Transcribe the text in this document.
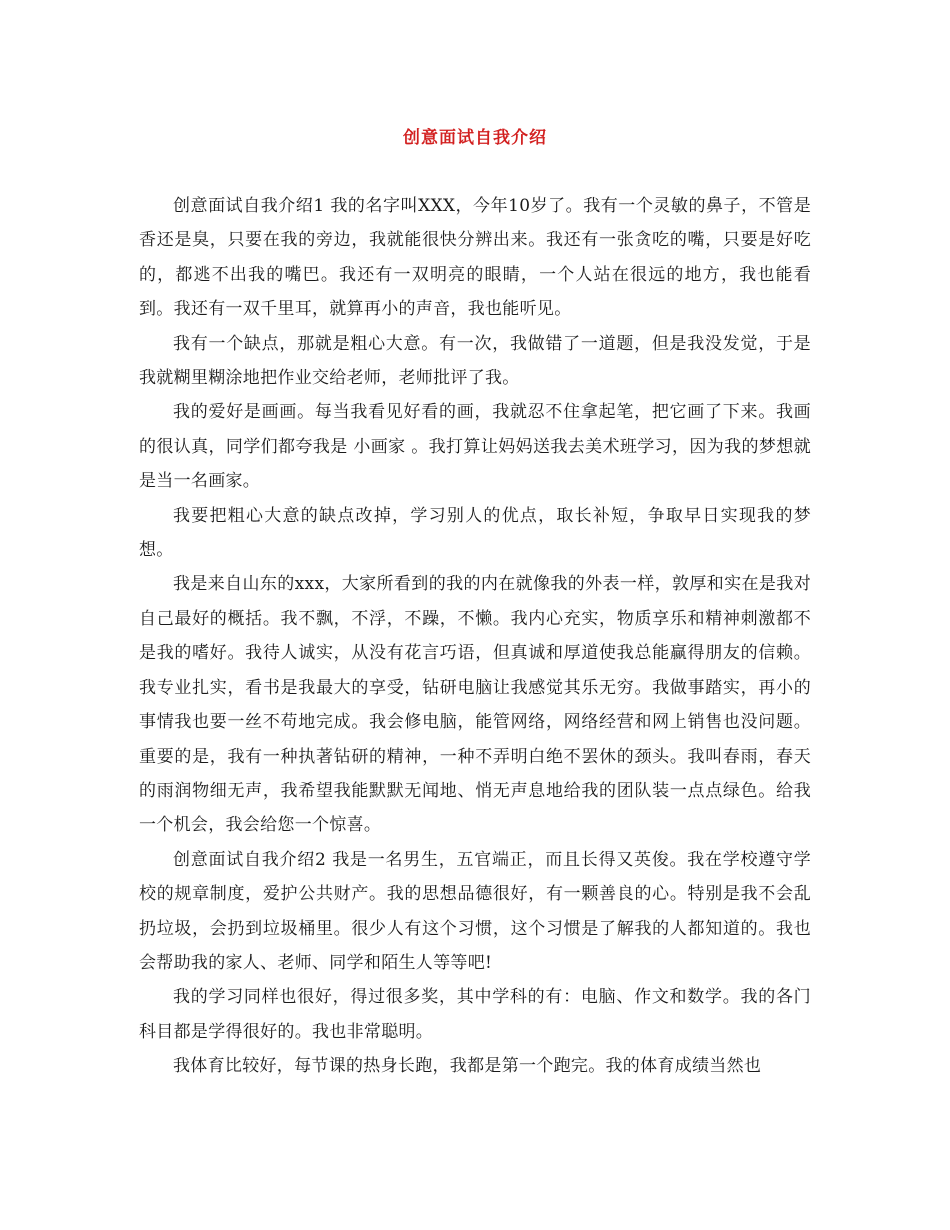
创意面试自我介绍

创意面试自我介绍1 我的名字叫XXX，今年10岁了。我有一个灵敏的鼻子，不管是香还是臭，只要在我的旁边，我就能很快分辨出来。我还有一张贪吃的嘴，只要是好吃的，都逃不出我的嘴巴。我还有一双明亮的眼睛，一个人站在很远的地方，我也能看到。我还有一双千里耳，就算再小的声音，我也能听见。

我有一个缺点，那就是粗心大意。有一次，我做错了一道题，但是我没发觉，于是我就糊里糊涂地把作业交给老师，老师批评了我。

我的爱好是画画。每当我看见好看的画，我就忍不住拿起笔，把它画了下来。我画的很认真，同学们都夸我是 小画家 。我打算让妈妈送我去美术班学习，因为我的梦想就是当一名画家。

我要把粗心大意的缺点改掉，学习别人的优点，取长补短，争取早日实现我的梦想。

我是来自山东的xxx，大家所看到的我的内在就像我的外表一样，敦厚和实在是我对自己最好的概括。我不飘，不浮，不躁，不懒。我内心充实，物质享乐和精神刺激都不是我的嗜好。我待人诚实，从没有花言巧语，但真诚和厚道使我总能赢得朋友的信赖。我专业扎实，看书是我最大的享受，钻研电脑让我感觉其乐无穷。我做事踏实，再小的事情我也要一丝不苟地完成。我会修电脑，能管网络，网络经营和网上销售也没问题。重要的是，我有一种执著钻研的精神，一种不弄明白绝不罢休的颈头。我叫春雨，春天的雨润物细无声，我希望我能默默无闻地、悄无声息地给我的团队装一点点绿色。给我一个机会，我会给您一个惊喜。

创意面试自我介绍2 我是一名男生，五官端正，而且长得又英俊。我在学校遵守学校的规章制度，爱护公共财产。我的思想品德很好，有一颗善良的心。特别是我不会乱扔垃圾，会扔到垃圾桶里。很少人有这个习惯，这个习惯是了解我的人都知道的。我也会帮助我的家人、老师、同学和陌生人等等吧!

我的学习同样也很好，得过很多奖，其中学科的有：电脑、作文和数学。我的各门科目都是学得很好的。我也非常聪明。

我体育比较好，每节课的热身长跑，我都是第一个跑完。我的体育成绩当然也
